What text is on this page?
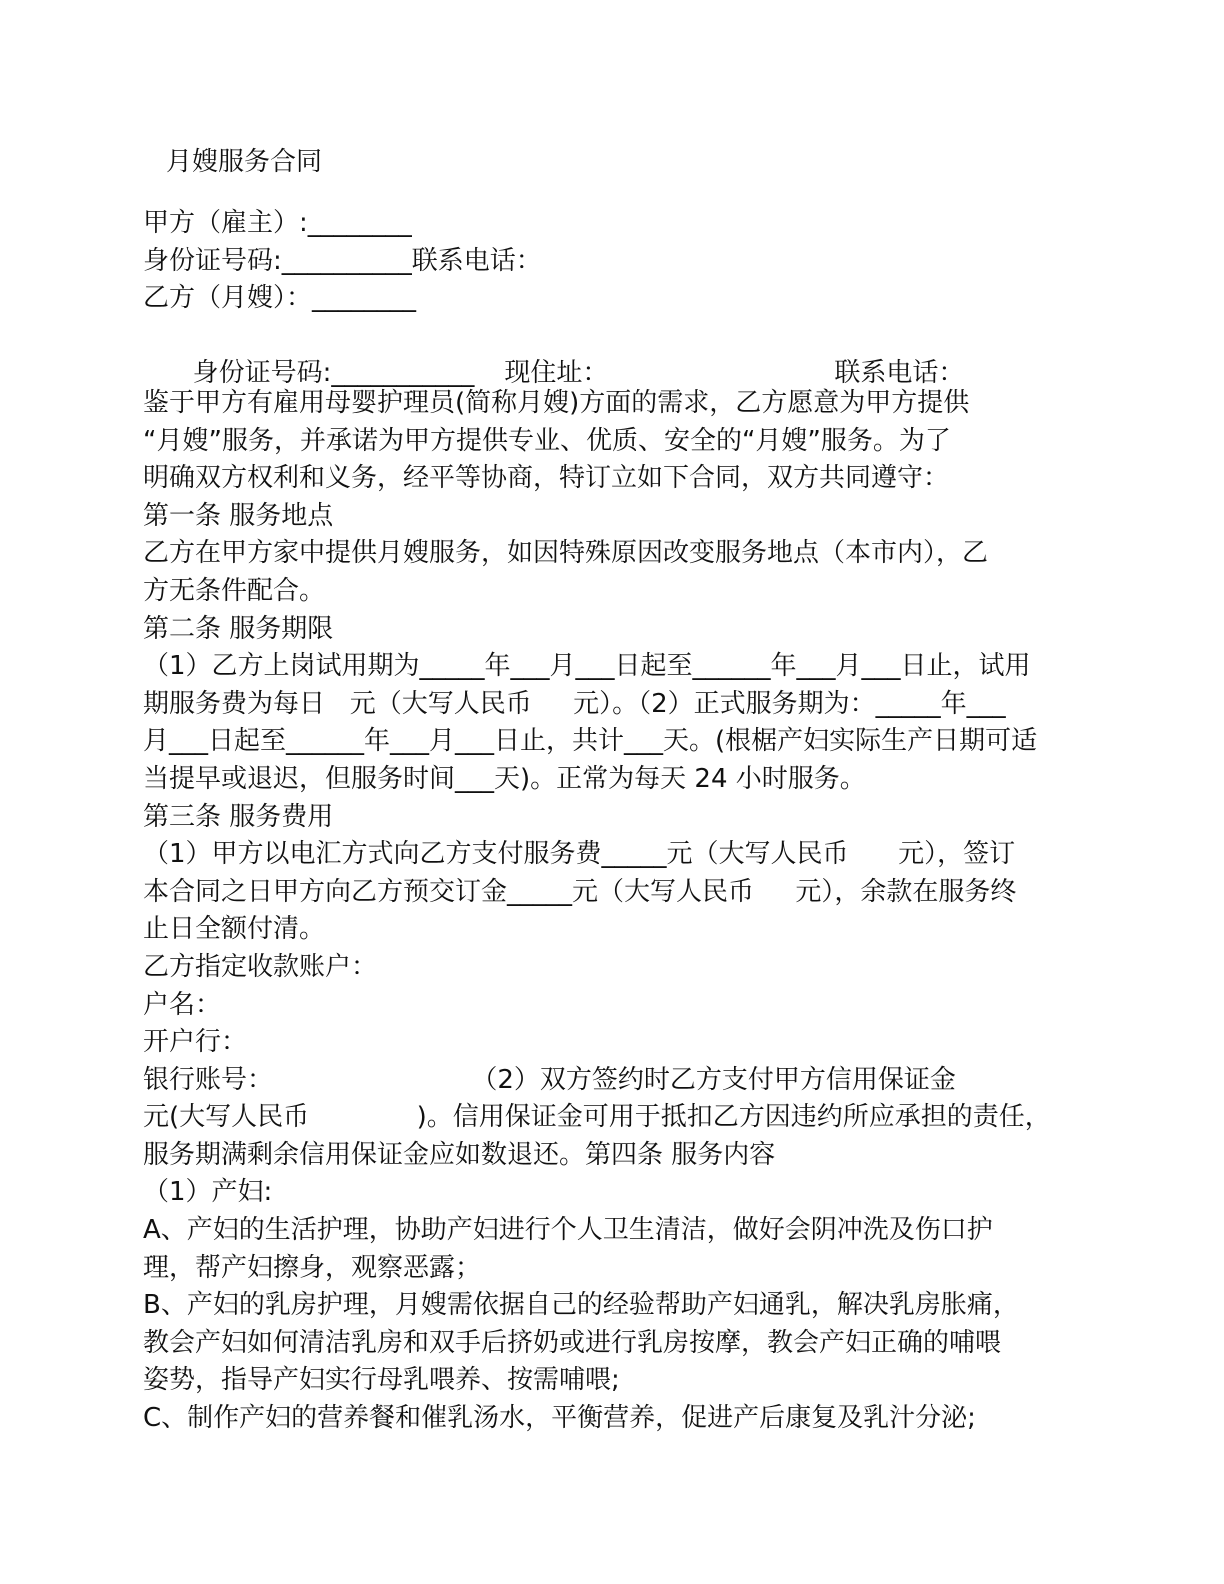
月嫂服务合同
甲方（雇主）:________
身份证号码:__________联系电话：
乙方（月嫂）：________

身份证号码:___________ 现住址：	联系电话：

鉴于甲方有雇用母婴护理员(简称月嫂)方面的需求，乙方愿意为甲方提供
“月嫂”服务，并承诺为甲方提供专业、优质、安全的“月嫂”服务。为了
明确双方权利和义务，经平等协商，特订立如下合同，双方共同遵守：
第一条 服务地点
乙方在甲方家中提供月嫂服务，如因特殊原因改变服务地点（本市内），乙
方无条件配合。
第二条 服务期限
（1）乙方上岗试用期为_____年___月___日起至______年___月___日止，试用
期服务费为每日   元（大写人民币     元）。（2）正式服务期为：_____年___
月___日起至______年___月___日止，共计___天。(根椐产妇实际生产日期可适
当提早或退迟，但服务时间___天)。正常为每天 24 小时服务。
第三条 服务费用
（1）甲方以电汇方式向乙方支付服务费_____元（大写人民币      元），签订
本合同之日甲方向乙方预交订金_____元（大写人民币     元），余款在服务终
止日全额付清。
乙方指定收款账户：
户名：
开户行：
银行账号：                        （2）双方签约时乙方支付甲方信用保证金
元(大写人民币             )。信用保证金可用于抵扣乙方因违约所应承担的责任，
服务期满剩余信用保证金应如数退还。第四条 服务内容
（1）产妇:
A、产妇的生活护理，协助产妇进行个人卫生清洁，做好会阴冲洗及伤口护
理，帮产妇擦身，观察恶露；
B、产妇的乳房护理，月嫂需依据自己的经验帮助产妇通乳，解决乳房胀痛，
教会产妇如何清洁乳房和双手后挤奶或进行乳房按摩，教会产妇正确的哺喂
姿势，指导产妇实行母乳喂养、按需哺喂;
C、制作产妇的营养餐和催乳汤水，平衡营养，促进产后康复及乳汁分泌;
